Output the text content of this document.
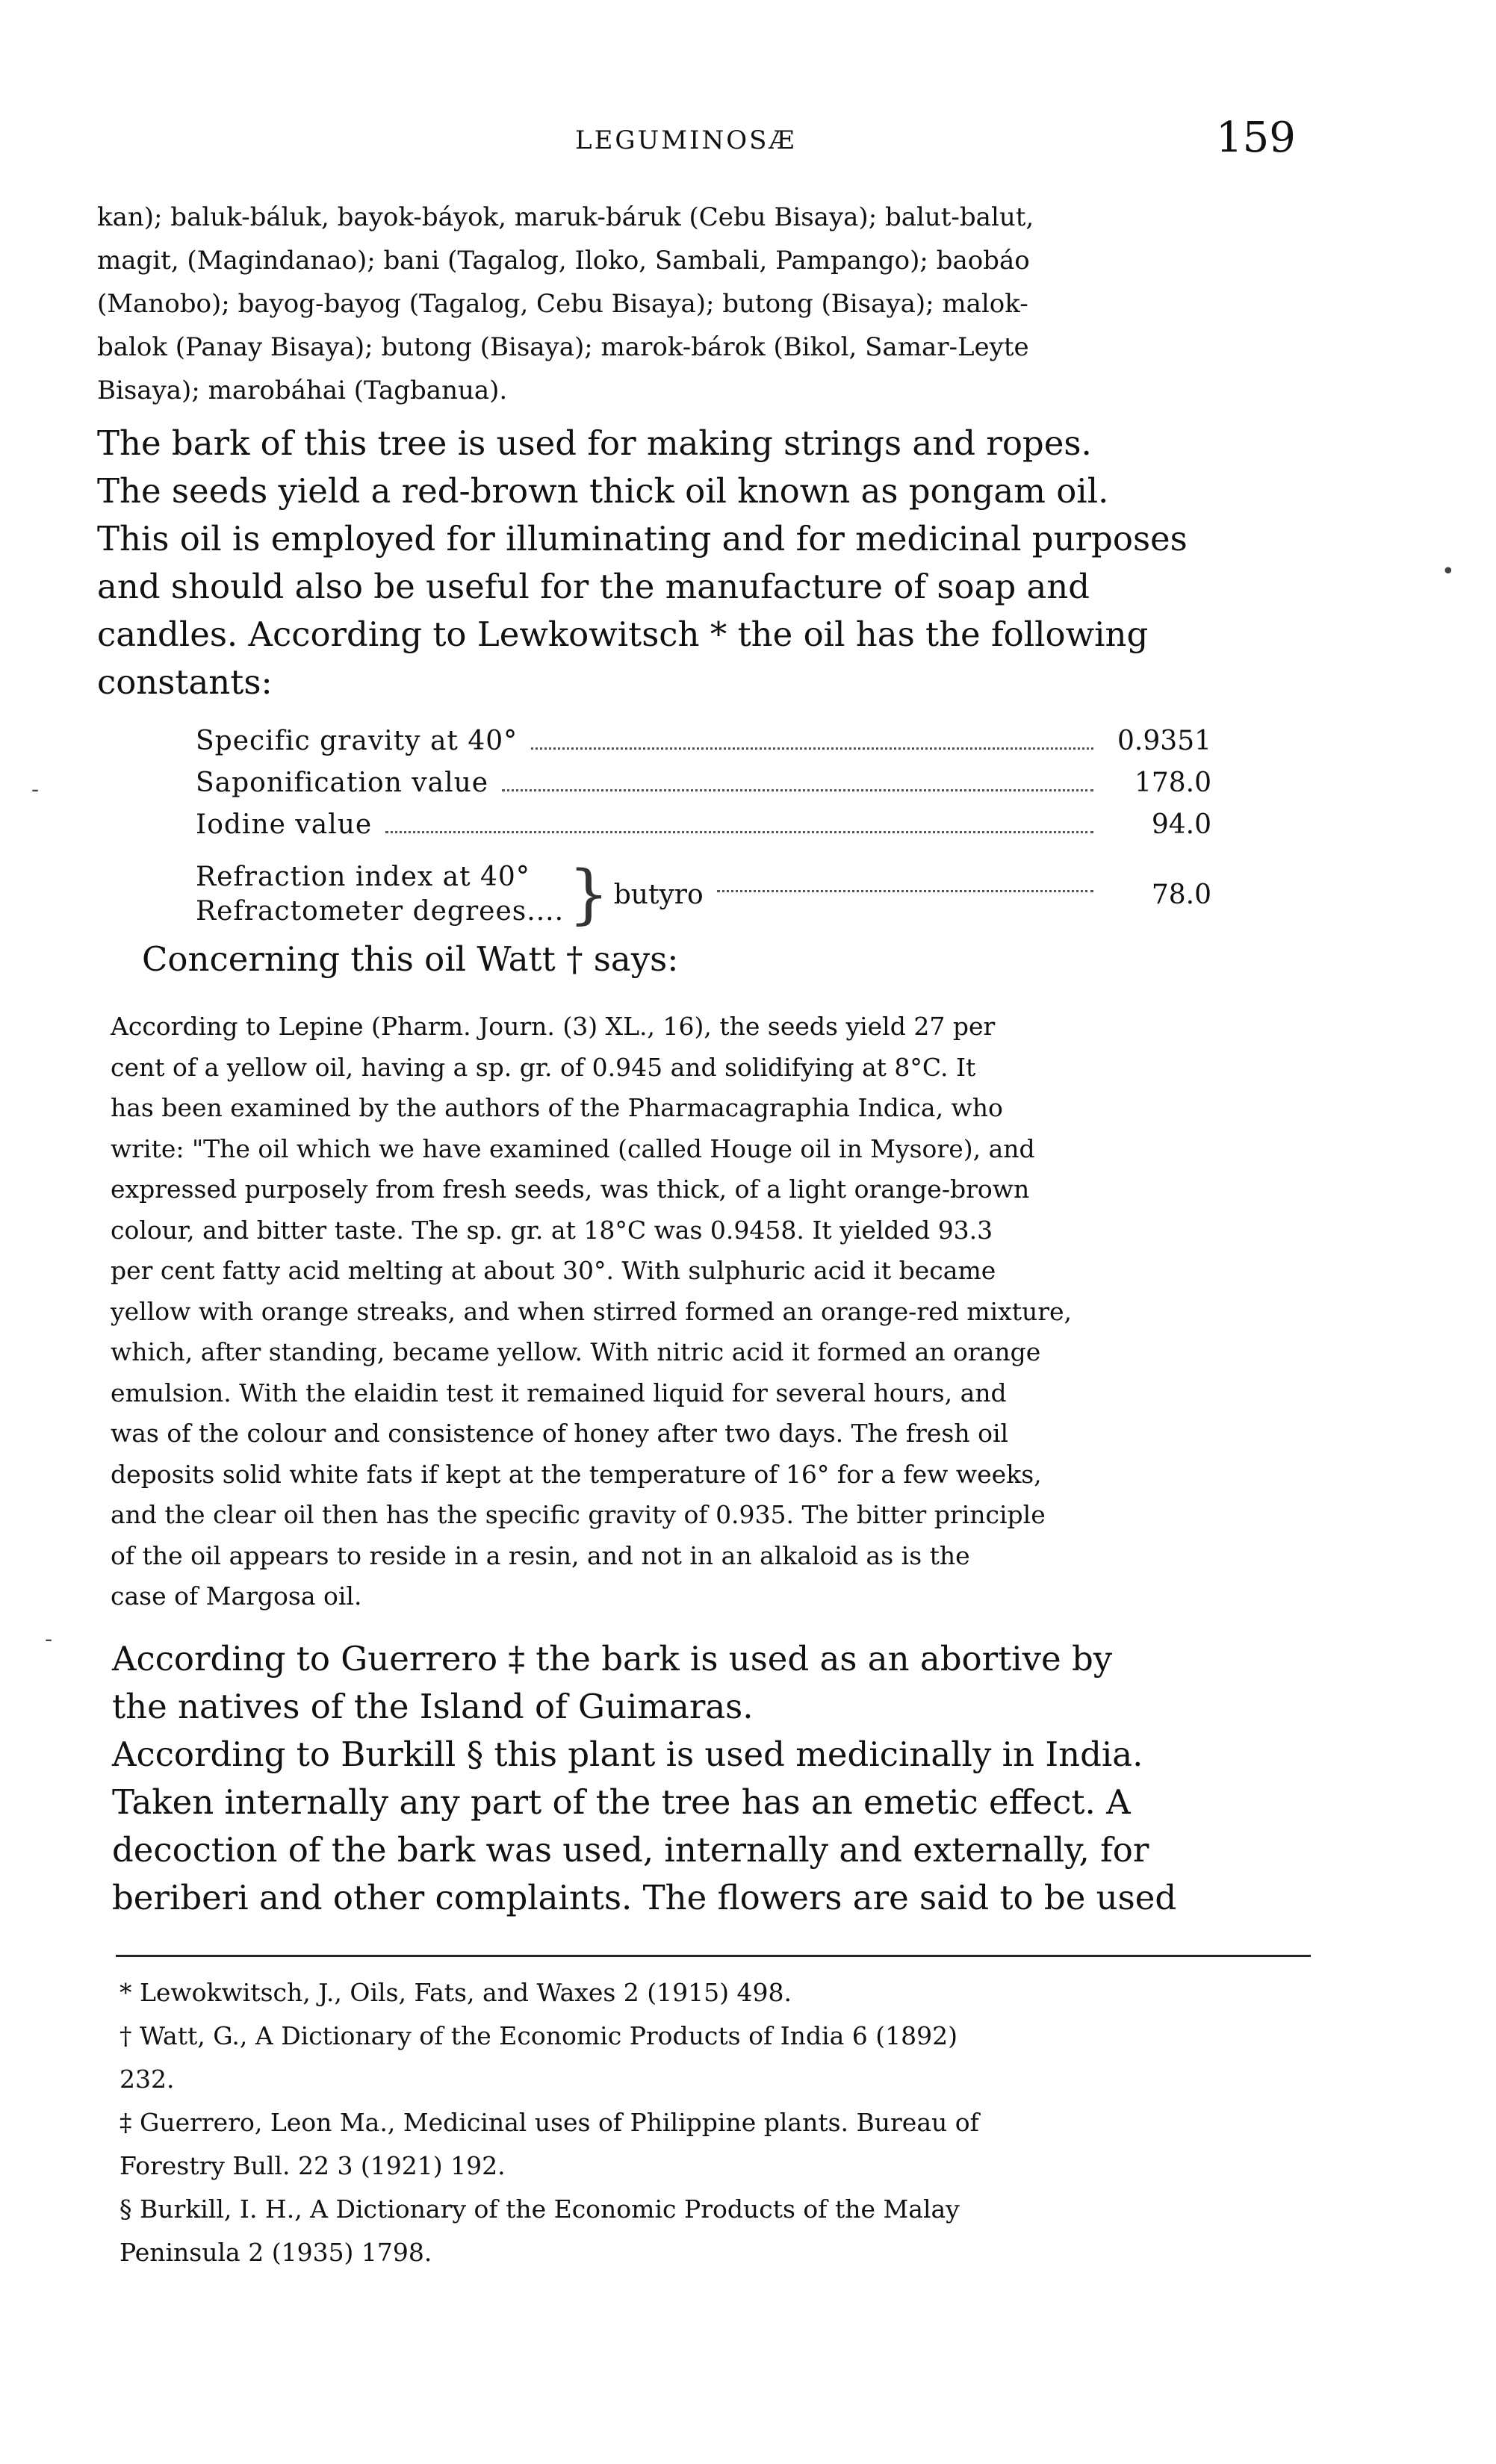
LEGUMINOSÆ	159
kan); baluk-báluk, bayok-báyok, maruk-báruk (Cebu Bisaya); balut-balut,
magit, (Magindanao); bani (Tagalog, Iloko, Sambali, Pampango); baobáo
(Manobo); bayog-bayog (Tagalog, Cebu Bisaya); butong (Bisaya); malok-
balok (Panay Bisaya); butong (Bisaya); marok-bárok (Bikol, Samar-Leyte
Bisaya); marobáhai (Tagbanua).
The bark of this tree is used for making strings and ropes.
The seeds yield a red-brown thick oil known as pongam oil.
This oil is employed for illuminating and for medicinal purposes
and should also be useful for the manufacture of soap and
candles. According to Lewkowitsch * the oil has the following
constants:
Specific gravity at 40°	0.9351
Saponification value	178.0
Iodine value	94.0
Refraction index at 40°
Refractometer degrees.... } butyro	78.0
Concerning this oil Watt † says:
According to Lepine (Pharm. Journ. (3) XL., 16), the seeds yield 27 per
cent of a yellow oil, having a sp. gr. of 0.945 and solidifying at 8°C. It
has been examined by the authors of the Pharmacagraphia Indica, who
write: "The oil which we have examined (called Houge oil in Mysore), and
expressed purposely from fresh seeds, was thick, of a light orange-brown
colour, and bitter taste. The sp. gr. at 18°C was 0.9458. It yielded 93.3
per cent fatty acid melting at about 30°. With sulphuric acid it became
yellow with orange streaks, and when stirred formed an orange-red mixture,
which, after standing, became yellow. With nitric acid it formed an orange
emulsion. With the elaidin test it remained liquid for several hours, and
was of the colour and consistence of honey after two days. The fresh oil
deposits solid white fats if kept at the temperature of 16° for a few weeks,
and the clear oil then has the specific gravity of 0.935. The bitter principle
of the oil appears to reside in a resin, and not in an alkaloid as is the
case of Margosa oil.
According to Guerrero ‡ the bark is used as an abortive by
the natives of the Island of Guimaras.
According to Burkill § this plant is used medicinally in India.
Taken internally any part of the tree has an emetic effect. A
decoction of the bark was used, internally and externally, for
beriberi and other complaints. The flowers are said to be used
* Lewokwitsch, J., Oils, Fats, and Waxes 2 (1915) 498.
† Watt, G., A Dictionary of the Economic Products of India 6 (1892)
232.
‡ Guerrero, Leon Ma., Medicinal uses of Philippine plants. Bureau of
Forestry Bull. 22 3 (1921) 192.
§ Burkill, I. H., A Dictionary of the Economic Products of the Malay
Peninsula 2 (1935) 1798.
•
-
-
